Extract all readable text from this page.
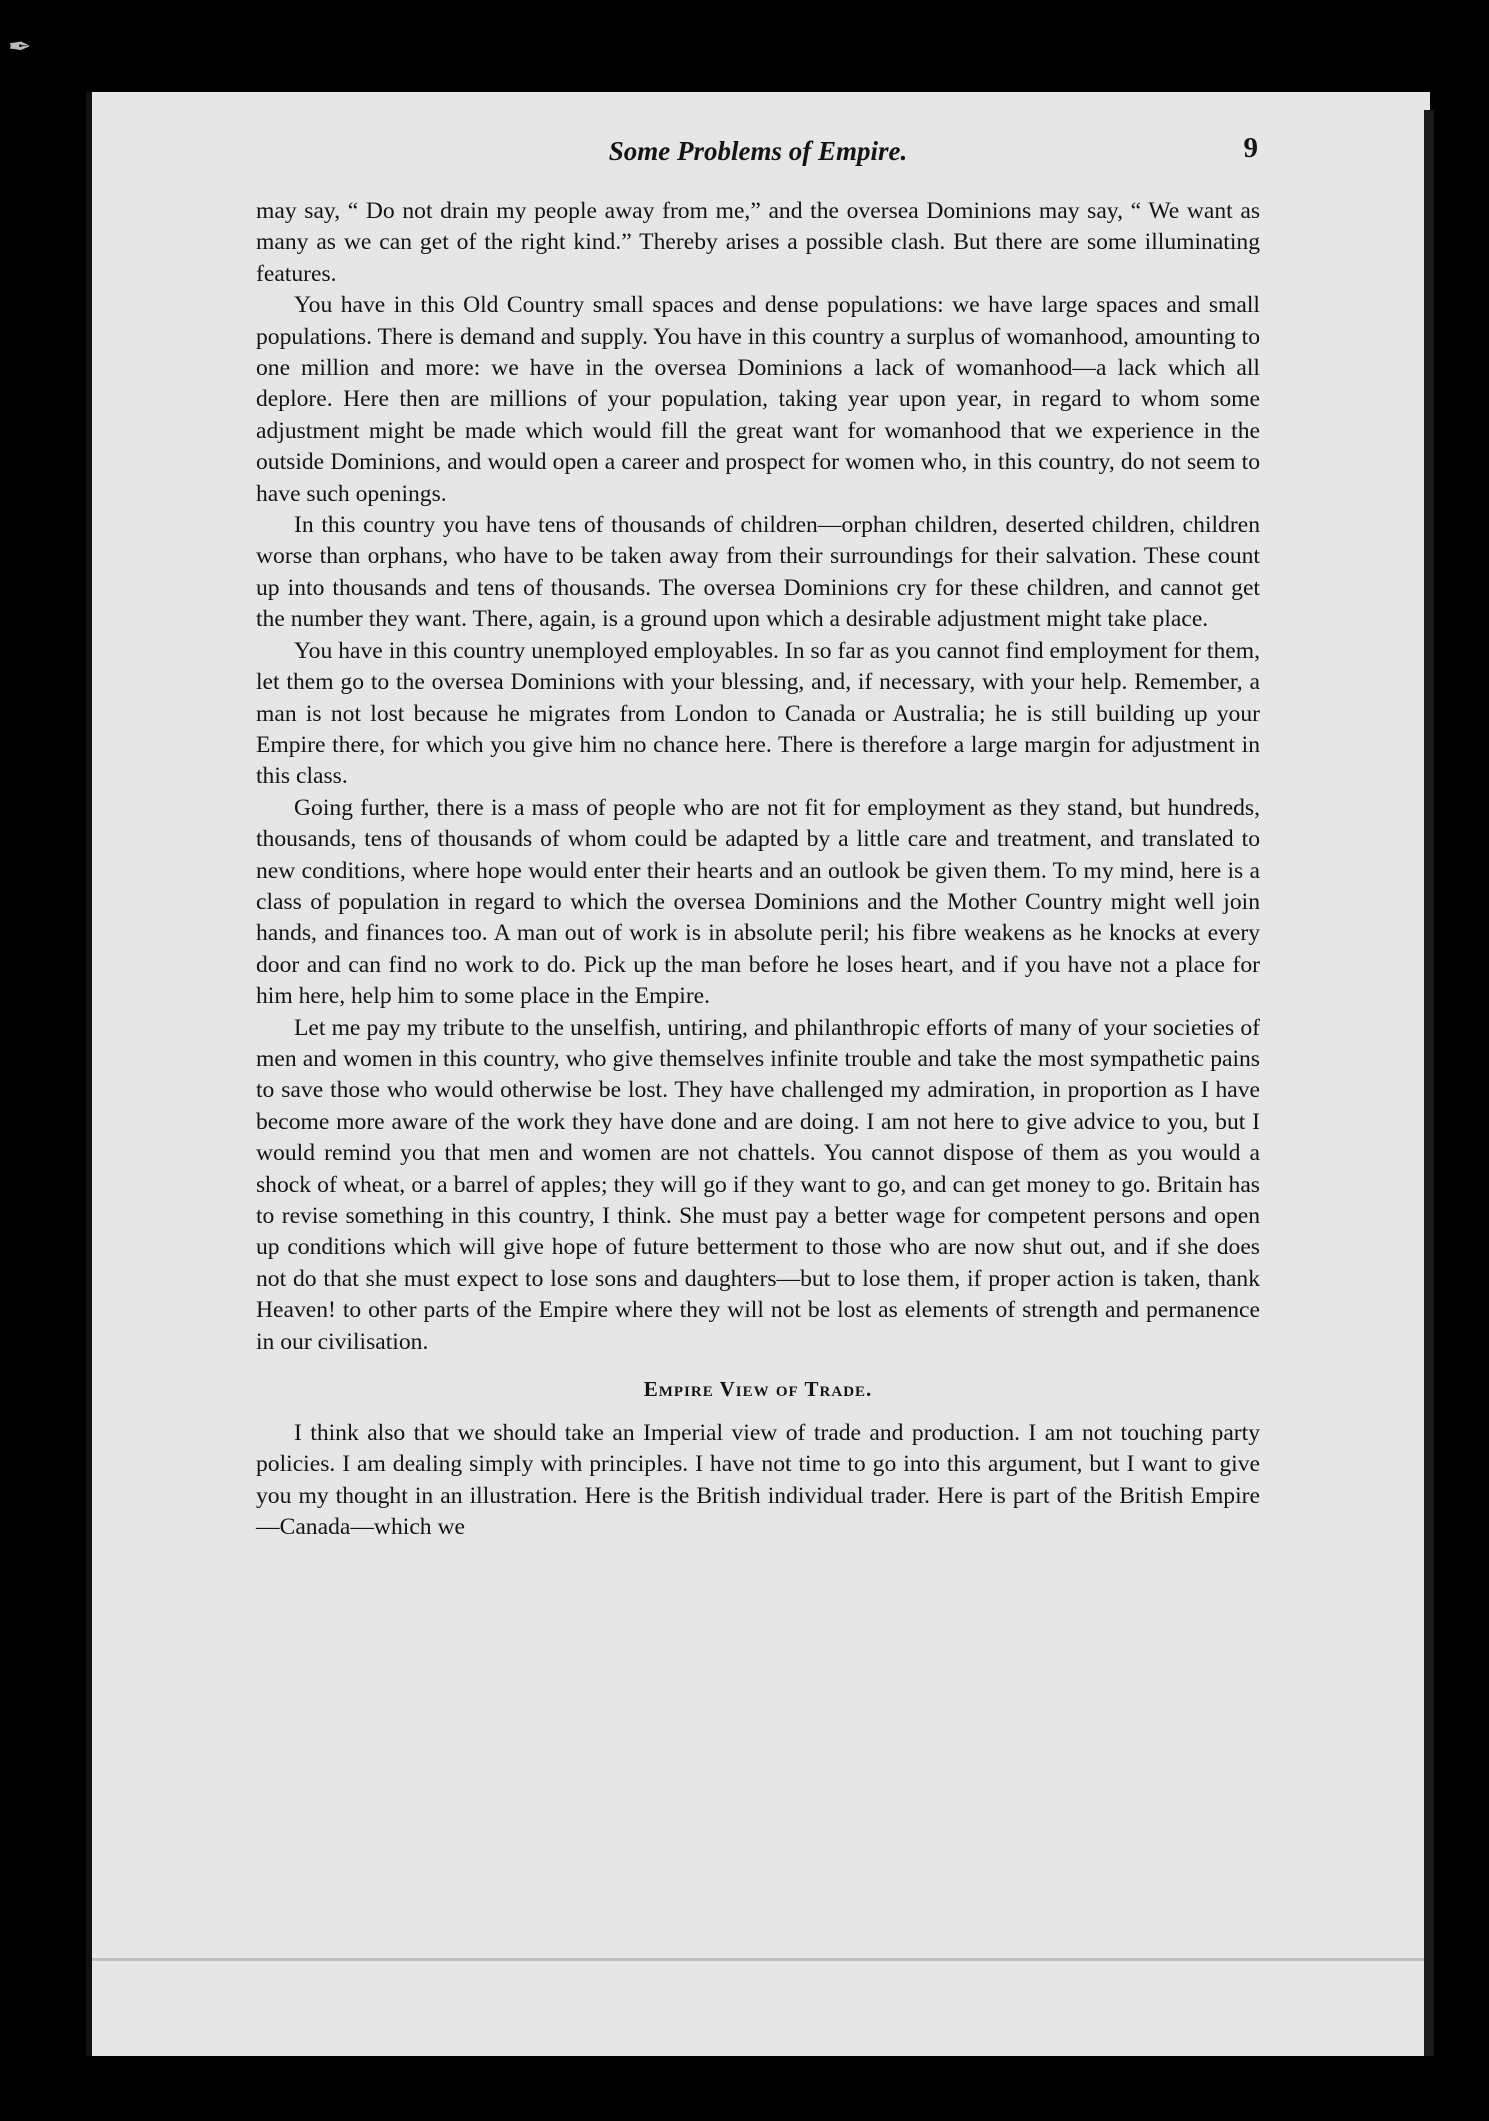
✒
Some Problems of Empire.	9

may say, “ Do not drain my people away from me,” and the oversea Dominions may say, “ We want as many as we can get of the right kind.” Thereby arises a possible clash. But there are some illuminating features.

You have in this Old Country small spaces and dense populations: we have large spaces and small populations. There is demand and supply. You have in this country a surplus of womanhood, amounting to one million and more: we have in the oversea Dominions a lack of womanhood—a lack which all deplore. Here then are millions of your population, taking year upon year, in regard to whom some adjustment might be made which would fill the great want for womanhood that we experience in the outside Dominions, and would open a career and prospect for women who, in this country, do not seem to have such openings.

In this country you have tens of thousands of children—orphan children, deserted children, children worse than orphans, who have to be taken away from their surroundings for their salvation. These count up into thousands and tens of thousands. The oversea Dominions cry for these children, and cannot get the number they want. There, again, is a ground upon which a desirable adjustment might take place.

You have in this country unemployed employables. In so far as you cannot find employment for them, let them go to the oversea Dominions with your blessing, and, if necessary, with your help. Remember, a man is not lost because he migrates from London to Canada or Australia; he is still building up your Empire there, for which you give him no chance here. There is therefore a large margin for adjustment in this class.

Going further, there is a mass of people who are not fit for employment as they stand, but hundreds, thousands, tens of thousands of whom could be adapted by a little care and treatment, and translated to new conditions, where hope would enter their hearts and an outlook be given them. To my mind, here is a class of population in regard to which the oversea Dominions and the Mother Country might well join hands, and finances too. A man out of work is in absolute peril; his fibre weakens as he knocks at every door and can find no work to do. Pick up the man before he loses heart, and if you have not a place for him here, help him to some place in the Empire.

Let me pay my tribute to the unselfish, untiring, and philanthropic efforts of many of your societies of men and women in this country, who give themselves infinite trouble and take the most sympathetic pains to save those who would otherwise be lost. They have challenged my admiration, in proportion as I have become more aware of the work they have done and are doing. I am not here to give advice to you, but I would remind you that men and women are not chattels. You cannot dispose of them as you would a shock of wheat, or a barrel of apples; they will go if they want to go, and can get money to go. Britain has to revise something in this country, I think. She must pay a better wage for competent persons and open up conditions which will give hope of future betterment to those who are now shut out, and if she does not do that she must expect to lose sons and daughters—but to lose them, if proper action is taken, thank Heaven! to other parts of the Empire where they will not be lost as elements of strength and permanence in our civilisation.

Empire View of Trade.

I think also that we should take an Imperial view of trade and production. I am not touching party policies. I am dealing simply with principles. I have not time to go into this argument, but I want to give you my thought in an illustration. Here is the British individual trader. Here is part of the British Empire—Canada—which we
